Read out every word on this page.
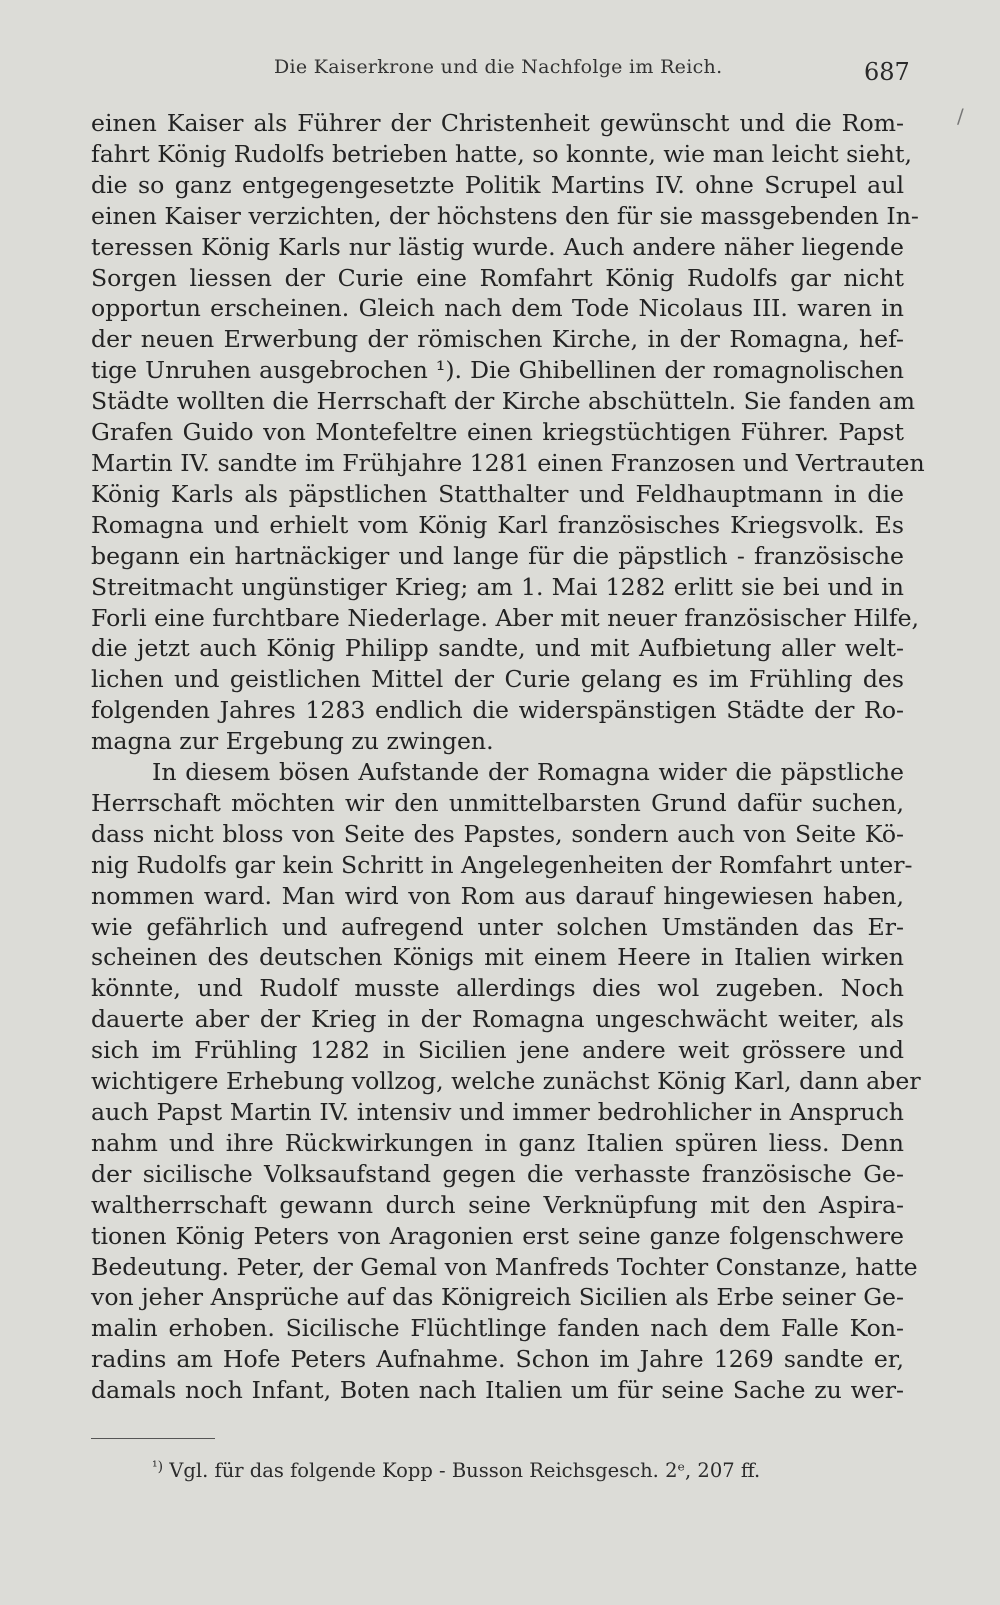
Die Kaiserkrone und die Nachfolge im Reich.	687
/
einen Kaiser als Führer der Christenheit gewünscht und die Rom-
fahrt König Rudolfs betrieben hatte, so konnte, wie man leicht sieht,
die so ganz entgegengesetzte Politik Martins IV. ohne Scrupel aul
einen Kaiser verzichten, der höchstens den für sie massgebenden In-
teressen König Karls nur lästig wurde. Auch andere näher liegende
Sorgen liessen der Curie eine Romfahrt König Rudolfs gar nicht
opportun erscheinen. Gleich nach dem Tode Nicolaus III. waren in
der neuen Erwerbung der römischen Kirche, in der Romagna, hef-
tige Unruhen ausgebrochen ¹). Die Ghibellinen der romagnolischen
Städte wollten die Herrschaft der Kirche abschütteln. Sie fanden am
Grafen Guido von Montefeltre einen kriegstüchtigen Führer. Papst
Martin IV. sandte im Frühjahre 1281 einen Franzosen und Vertrauten
König Karls als päpstlichen Statthalter und Feldhauptmann in die
Romagna und erhielt vom König Karl französisches Kriegsvolk. Es
begann ein hartnäckiger und lange für die päpstlich - französische
Streitmacht ungünstiger Krieg; am 1. Mai 1282 erlitt sie bei und in
Forli eine furchtbare Niederlage. Aber mit neuer französischer Hilfe,
die jetzt auch König Philipp sandte, und mit Aufbietung aller welt-
lichen und geistlichen Mittel der Curie gelang es im Frühling des
folgenden Jahres 1283 endlich die widerspänstigen Städte der Ro-
magna zur Ergebung zu zwingen.
In diesem bösen Aufstande der Romagna wider die päpstliche
Herrschaft möchten wir den unmittelbarsten Grund dafür suchen,
dass nicht bloss von Seite des Papstes, sondern auch von Seite Kö-
nig Rudolfs gar kein Schritt in Angelegenheiten der Romfahrt unter-
nommen ward. Man wird von Rom aus darauf hingewiesen haben,
wie gefährlich und aufregend unter solchen Umständen das Er-
scheinen des deutschen Königs mit einem Heere in Italien wirken
könnte, und Rudolf musste allerdings dies wol zugeben. Noch
dauerte aber der Krieg in der Romagna ungeschwächt weiter, als
sich im Frühling 1282 in Sicilien jene andere weit grössere und
wichtigere Erhebung vollzog, welche zunächst König Karl, dann aber
auch Papst Martin IV. intensiv und immer bedrohlicher in Anspruch
nahm und ihre Rückwirkungen in ganz Italien spüren liess. Denn
der sicilische Volksaufstand gegen die verhasste französische Ge-
waltherrschaft gewann durch seine Verknüpfung mit den Aspira-
tionen König Peters von Aragonien erst seine ganze folgenschwere
Bedeutung. Peter, der Gemal von Manfreds Tochter Constanze, hatte
von jeher Ansprüche auf das Königreich Sicilien als Erbe seiner Ge-
malin erhoben. Sicilische Flüchtlinge fanden nach dem Falle Kon-
radins am Hofe Peters Aufnahme. Schon im Jahre 1269 sandte er,
damals noch Infant, Boten nach Italien um für seine Sache zu wer-
$^{^1)}$ Vgl. für das folgende Kopp - Busson Reichsgesch. 2ᵉ, 207 ff.
